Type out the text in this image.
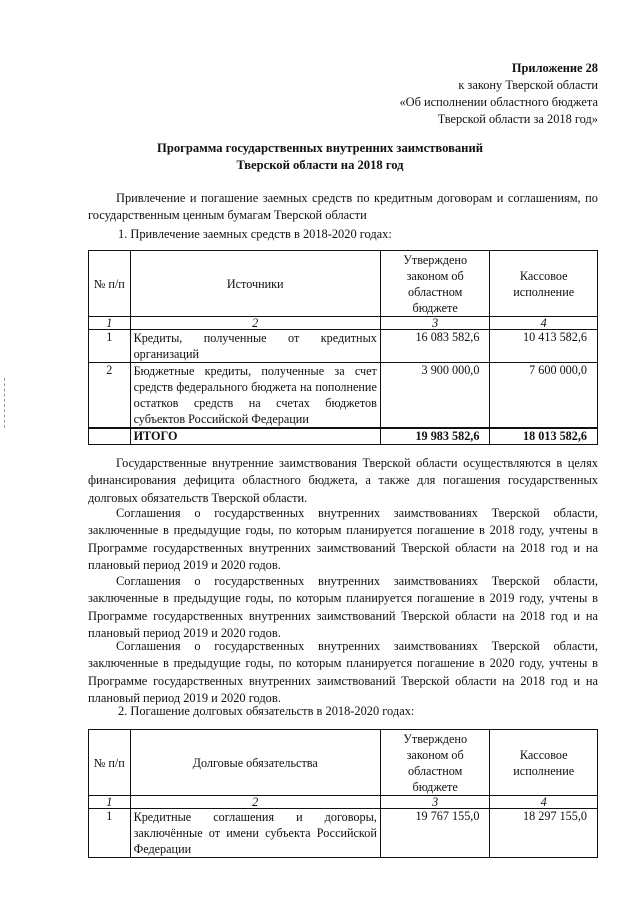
Приложение 28
к закону Тверской области
«Об исполнении областного бюджета
Тверской области за 2018 год»
Программа государственных внутренних заимствований
Тверской области на 2018 год
Привлечение и погашение заемных средств по кредитным договорам и соглашениям, по государственным ценным бумагам Тверской области
1. Привлечение заемных средств в 2018-2020 годах:
№ п/п	Источники	Утверждено законом об областном бюджете	Кассовое исполнение
1	2	3	4
1	Кредиты, полученные от кредитных организаций	16 083 582,6	10 413 582,6
2	Бюджетные кредиты, полученные за счет средств федерального бюджета на пополнение остатков средств на счетах бюджетов субъектов Российской Федерации	3 900 000,0	7 600 000,0
	ИТОГО	19 983 582,6	18 013 582,6
Государственные внутренние заимствования Тверской области осуществляются в целях финансирования дефицита областного бюджета, а также для погашения государственных долговых обязательств Тверской области.
Соглашения о государственных внутренних заимствованиях Тверской области, заключенные в предыдущие годы, по которым планируется погашение в 2018 году, учтены в Программе государственных внутренних заимствований Тверской области на 2018 год и на плановый период 2019 и 2020 годов.
Соглашения о государственных внутренних заимствованиях Тверской области, заключенные в предыдущие годы, по которым планируется погашение в 2019 году, учтены в Программе государственных внутренних заимствований Тверской области на 2018 год и на плановый период 2019 и 2020 годов.
Соглашения о государственных внутренних заимствованиях Тверской области, заключенные в предыдущие годы, по которым планируется погашение в 2020 году, учтены в Программе государственных внутренних заимствований Тверской области на 2018 год и на плановый период 2019 и 2020 годов.
2. Погашение долговых обязательств в 2018-2020 годах:
№ п/п	Долговые обязательства	Утверждено законом об областном бюджете	Кассовое исполнение
1	2	3	4
1	Кредитные соглашения и договоры, заключённые от имени субъекта Российской Федерации	19 767 155,0	18 297 155,0
